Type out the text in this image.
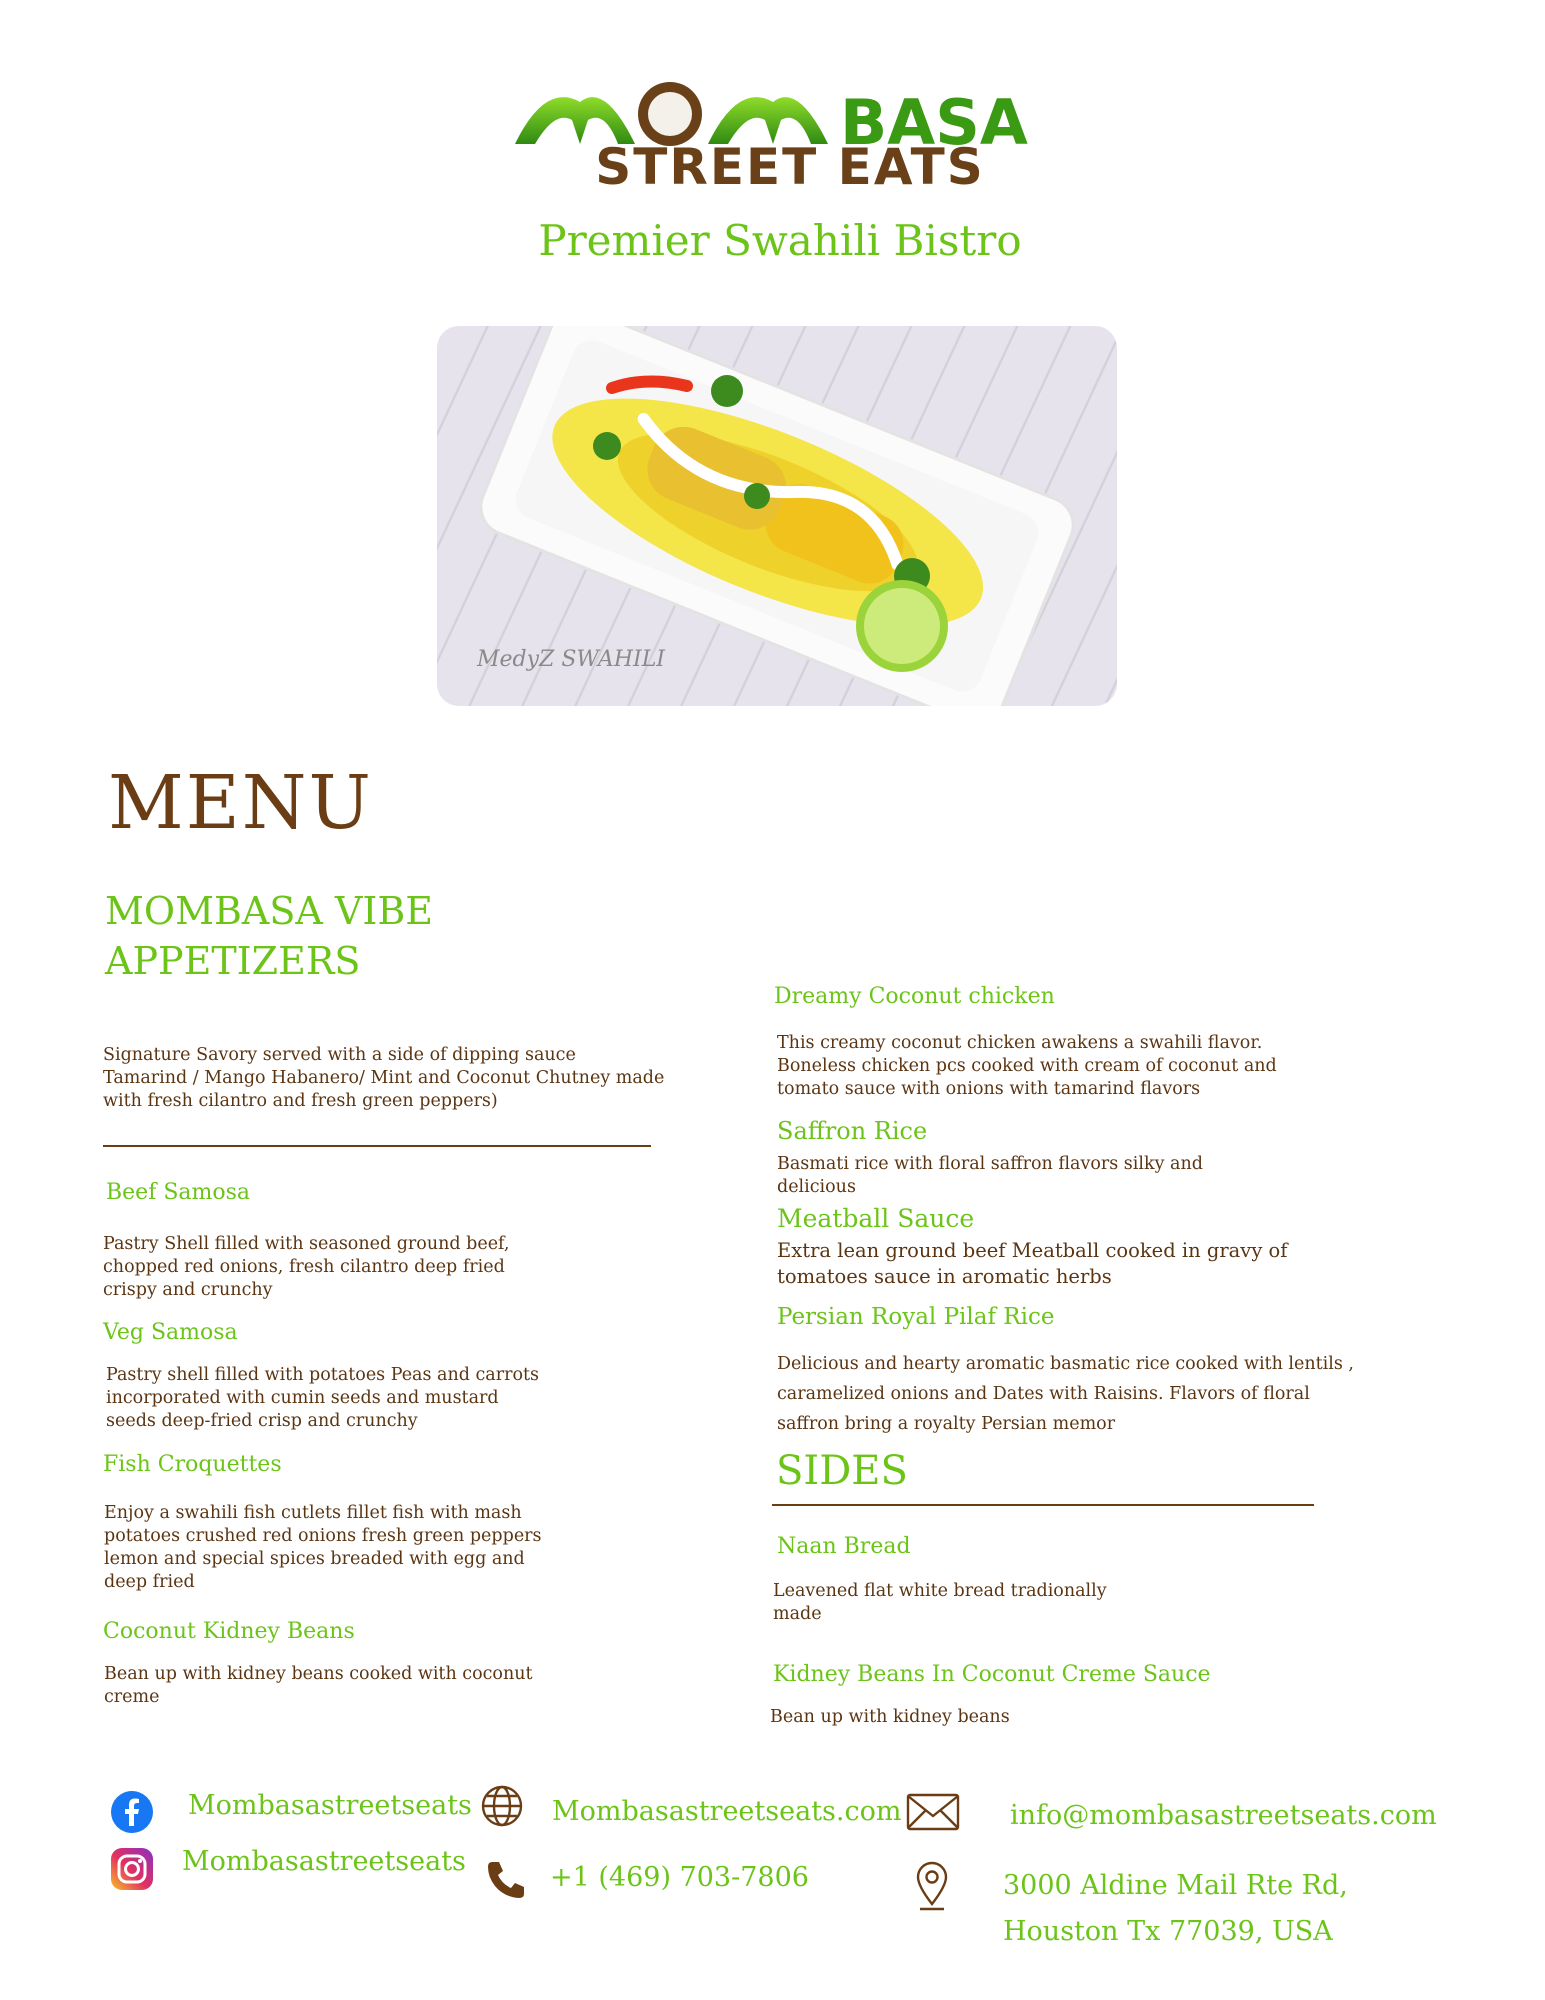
BASA
STREET EATS
Premier Swahili Bistro
MedyZ SWAHILI
MENU
MOMBASA VIBE
APPETIZERS
Signature Savory served with a side of dipping sauce
Tamarind / Mango Habanero/ Mint and Coconut Chutney made
with fresh cilantro and fresh green peppers)
Beef Samosa
Pastry Shell filled with seasoned ground beef,
chopped red onions, fresh cilantro deep fried
crispy and crunchy
Veg Samosa
Pastry shell filled with potatoes Peas and carrots
incorporated with cumin seeds and mustard
seeds deep-fried crisp and crunchy
Fish Croquettes
Enjoy a swahili fish cutlets fillet fish with mash
potatoes crushed red onions fresh green peppers
lemon and special spices breaded with egg and
deep fried
Coconut Kidney Beans
Bean up with kidney beans cooked with coconut
creme
Dreamy Coconut chicken
This creamy coconut chicken awakens a swahili flavor.
Boneless chicken pcs cooked with cream of coconut and
tomato sauce with onions with tamarind flavors
Saffron Rice
Basmati rice with floral saffron flavors silky and
delicious
Meatball Sauce
Extra lean ground beef Meatball cooked in gravy of
tomatoes sauce in aromatic herbs
Persian Royal Pilaf Rice
Delicious and hearty aromatic basmatic rice cooked with lentils ,
caramelized onions and Dates with Raisins. Flavors of floral
saffron bring a royalty Persian memor
SIDES
Naan Bread
Leavened flat white bread tradionally
made
Kidney Beans In Coconut Creme Sauce
Bean up with kidney beans
Mombasastreetseats
Mombasastreetseats
Mombasastreetseats.com
+1 (469) 703-7806
info@mombasastreetseats.com
3000 Aldine Mail Rte Rd,
Houston Tx 77039, USA
